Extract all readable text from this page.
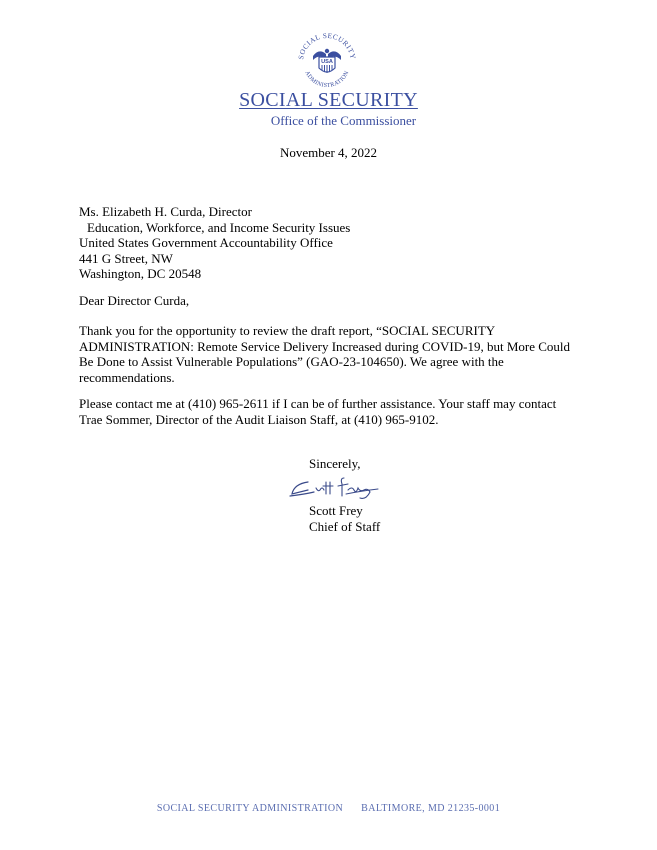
SOCIAL SECURITY
ADMINISTRATION
USA
SOCIAL SECURITY
Office of the Commissioner
November 4, 2022
Ms. Elizabeth H. Curda, Director
Education, Workforce, and Income Security Issues
United States Government Accountability Office
441 G Street, NW
Washington, DC 20548
Dear Director Curda,
Thank you for the opportunity to review the draft report, “SOCIAL SECURITY
ADMINISTRATION: Remote Service Delivery Increased during COVID-19, but More Could
Be Done to Assist Vulnerable Populations” (GAO-23-104650). We agree with the
recommendations.
Please contact me at (410) 965-2611 if I can be of further assistance. Your staff may contact
Trae Sommer, Director of the Audit Liaison Staff, at (410) 965-9102.
Sincerely,
Scott Frey
Chief of Staff
SOCIAL SECURITY ADMINISTRATION BALTIMORE, MD 21235-0001
